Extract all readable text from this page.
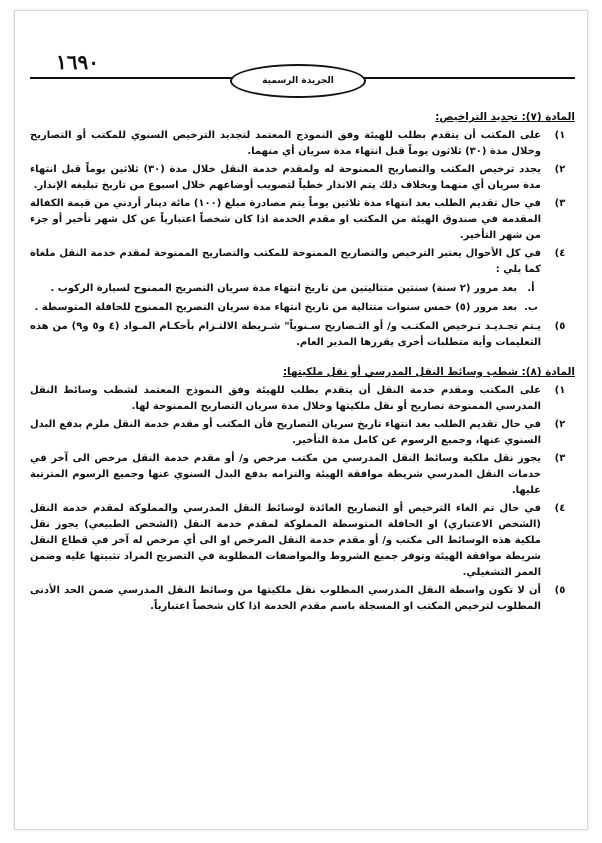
١٦٩٠
الجريدة الرسمية
المادة (٧): تجديد التراخيص:
١)
على المكتب أن يتقدم بطلب للهيئة وفق النموذج المعتمد لتجديد الترخيص السنوي للمكتب أو التصاريح وخلال مدة (٣٠) ثلاثون يوماً قبل انتهاء مدة سريان أي منهما.
٢)
يجدد ترخيص المكتب والتصاريح الممنوحة له ولمقدم خدمة النقل خلال مدة (٣٠) ثلاثين يوماً قبل انتهاء مدة سريان أي منهما وبخلاف ذلك يتم الانذار خطياً لتصويب أوضاعهم خلال اسبوع من تاريخ تبليغه الإنذار.
٣)
في حال تقديم الطلب بعد انتهاء مدة ثلاثين يوماً يتم مصادرة مبلغ (١٠٠) مائة دينار أردني من قيمة الكفالة المقدمة في صندوق الهيئة من المكتب او مقدم الخدمة اذا كان شخصاً اعتبارياً عن كل شهر تأخير أو جزء من شهر التأخير.
٤)
في كل الأحوال يعتبر الترخيص والتصاريح الممنوحة للمكتب والتصاريح الممنوحة لمقدم خدمة النقل ملغاة كما يلي :
أ.
بعد مرور (٢ سنة) سنتين متتاليتين من تاريخ انتهاء مدة سريان التصريح الممنوح لسيارة الركوب .
ب.
بعد مرور (٥) خمس سنوات متتالية من تاريخ انتهاء مدة سريان التصريح الممنوح للحافلة المتوسطة .
٥)
يـتم تجـديـد تـرخيص المكتـب و/ أو التـصاريح سـنوياً" شـريطة الالتـزام بأحكـام المـواد (٤ و٥ و٩) من هذه التعليمات وأية متطلبات أخرى يقررها المدير العام.
المادة (٨): شطب وسائط النقل المدرسي أو نقل ملكيتها:
١)
على المكتب ومقدم خدمة النقل أن يتقدم بطلب للهيئة وفق النموذج المعتمد لشطب وسائط النقل المدرسي الممنوحة تصاريح أو نقل ملكيتها وخلال مدة سريان التصاريح الممنوحة لها.
٢)
في حال تقديم الطلب بعد انتهاء تاريخ سريان التصاريح فأن المكتب أو مقدم خدمة النقل ملزم بدفع البدل السنوي عنها، وجميع الرسوم عن كامل مدة التأخير.
٣)
يجوز نقل ملكية وسائط النقل المدرسي من مكتب مرخص و/ أو مقدم خدمة النقل مرخص الى آخر في خدمات النقل المدرسي شريطة موافقة الهيئة والتزامه بدفع البدل السنوي عنها وجميع الرسوم المترتبة عليها.
٤)
في حال تم الغاء الترخيص أو التصاريح العائدة لوسائط النقل المدرسي والمملوكة لمقدم خدمة النقل (الشخص الاعتباري) او الحافلة المتوسطة المملوكة لمقدم خدمة النقل (الشخص الطبيعي) يجوز نقل ملكية هذه الوسائط الى مكتب و/ أو مقدم خدمة النقل المرخص او الى أي مرخص له آخر في قطاع النقل شريطة موافقة الهيئة وتوفر جميع الشروط والمواصفات المطلوبة في التصريح المراد تثبيتها عليه وضمن العمر التشغيلي.
٥)
أن لا تكون واسطة النقل المدرسي المطلوب نقل ملكيتها من وسائط النقل المدرسي ضمن الحد الأدنى المطلوب لترخيص المكتب او المسجلة باسم مقدم الخدمة اذا كان شخصاً اعتبارياً.
